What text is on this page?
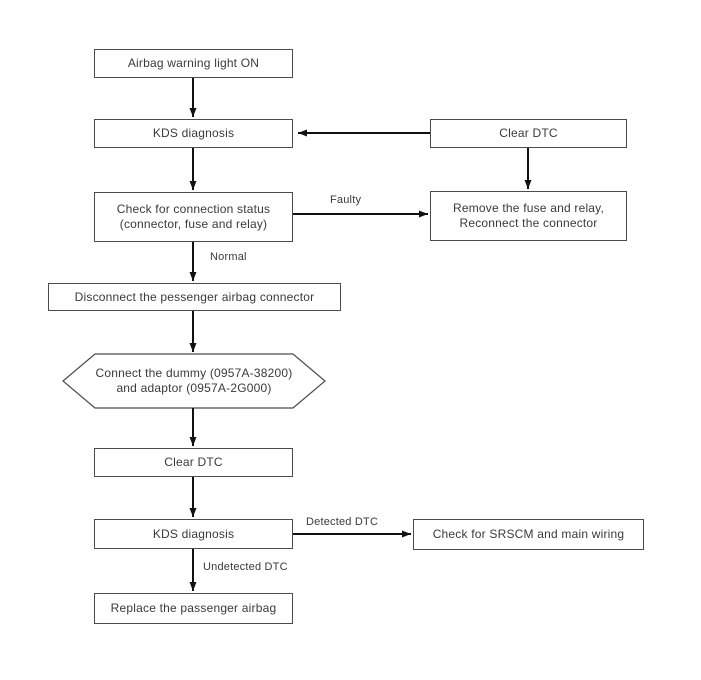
Airbag warning light ON
KDS diagnosis	Clear DTC
Check for connection status
(connector, fuse and relay)
Remove the fuse and relay,
Reconnect the connector
Disconnect the pessenger airbag connector
Connect the dummy (0957A-38200)
and adaptor (0957A-2G000)
Clear DTC
KDS diagnosis	Check for SRSCM and main wiring
Replace the passenger airbag
Faulty
Normal
Detected DTC
Undetected DTC
